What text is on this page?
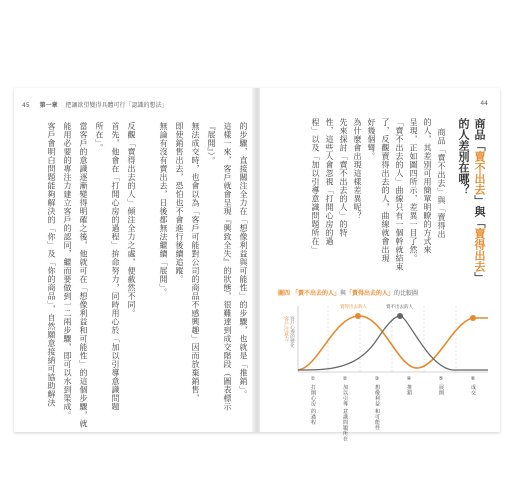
45 第一章 把讓欲望變得具體可行「認識的想法」
的步驟，直接關注全力在「想像利益與可能性」的步驟，也就是「推銷」。
這樣一來，客戶就會呈現『興致全失』的狀態，很難達到成交階段（圖表標示
『展開』）。
無法成交時，也會以為「客戶可能對公司的商品不感興趣」因而放棄銷售，
即使銷售出去，恐怕也不會進行後續追蹤。
無論有沒有賣出去，日後都無法繼續「展開」。
反觀「賣得出去的人」傾注全力之處，便截然不同。
首先，他會在「打開心房的過程」拚命努力，同時用心於「加以引導意識問題
所在」。
當客戶的意識逐漸變得明確之後，他就可在「想像利益和可能性」的這個步驟，就
能用必要的專注力建立客戶的認同，繼而要做到一二兩步驟，即可以水到渠成。
客戶會明白問題能夠解決的「你」及「你的商品」，自然願意接納可協助解決
44
商品「賣不出去」與「賣得出去」
的人差別在哪？
商品「賣不出去」與「賣得出
的人，其差別可用簡單明瞭的方式來
呈現，正如圖四所示，差異一目了然。
「賣不出去的人」曲線只有一個幹就結束
了，反觀賣得出去的人，曲線就會出現
好幾個彎。
為什麼會出現這樣差異呢？
先來探討「賣不出去的人」的特
性，這些人會忽視「打開心房的過
程」以及「加以引導意識問題所在」
圖四 「賣不出去的人」與「賣得出去的人」的比較圖
客戶注意力 客戶心理的變化
賣得出去的人	賣不出去的人
① 打開心房 的過程	② 加以引導 意識問題所在	③ 想像利益 和可能性	④ 推銷	⑤ 展開	⑥ 成交
